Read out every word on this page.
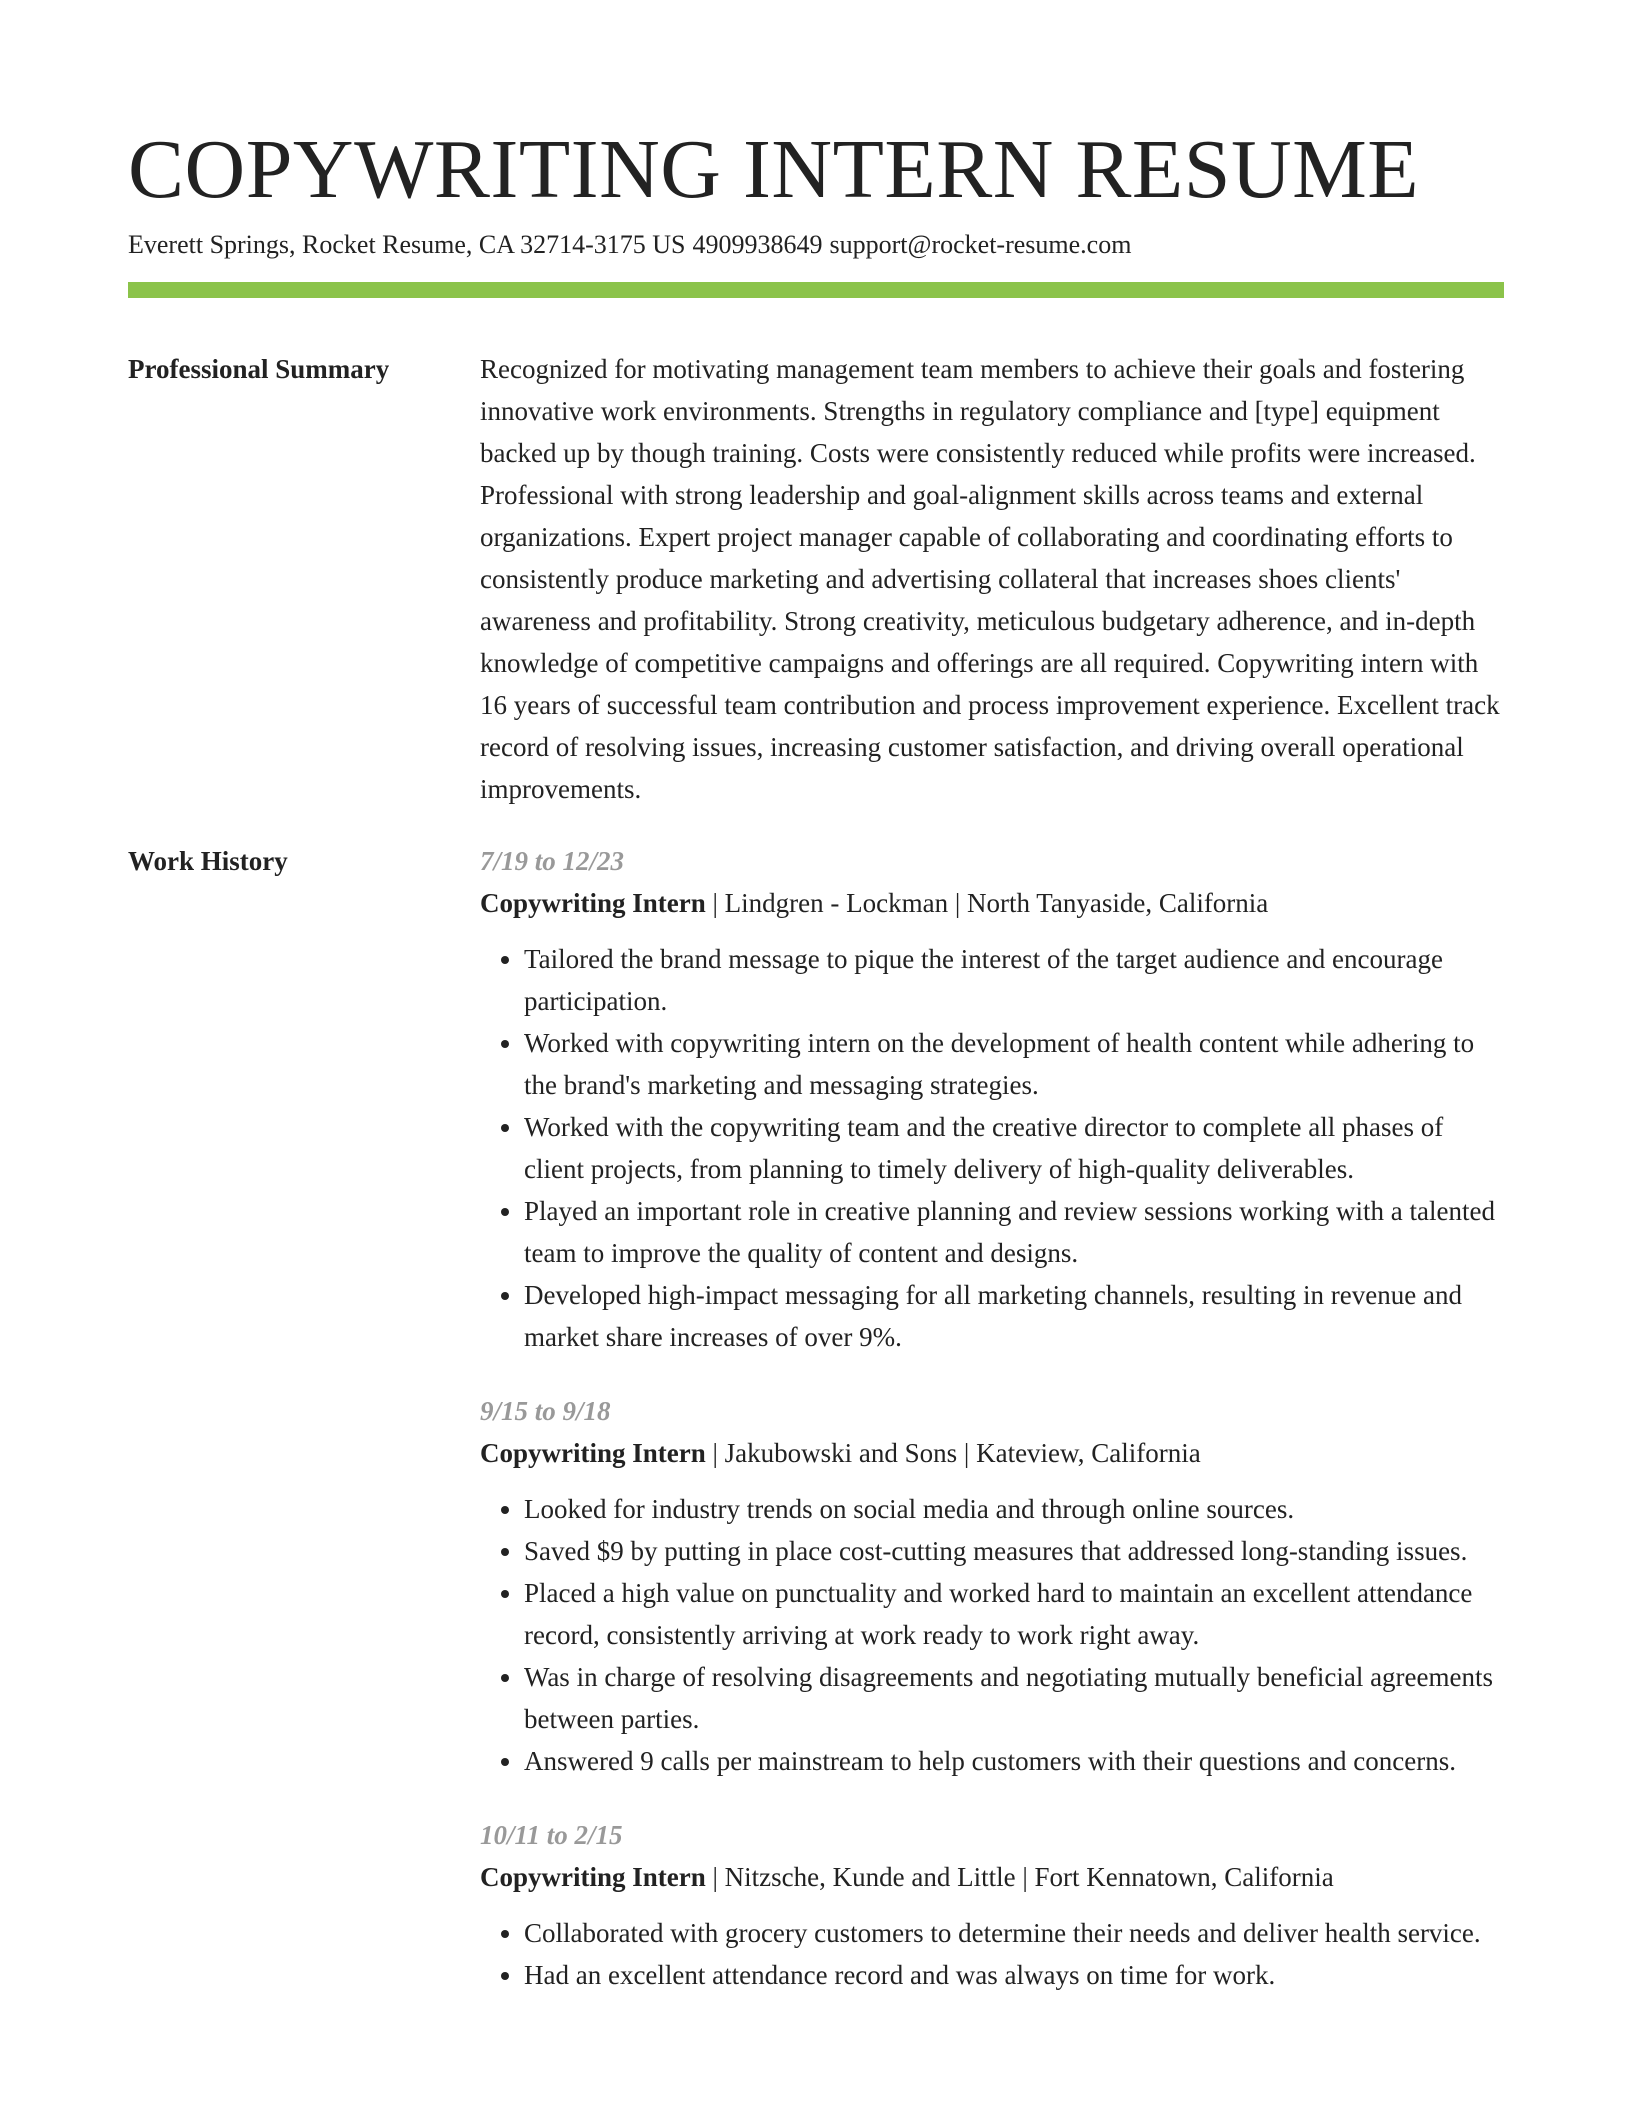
COPYWRITING INTERN RESUME
Everett Springs, Rocket Resume, CA 32714-3175 US 4909938649 support@rocket-resume.com
Professional Summary	Recognized for motivating management team members to achieve their goals and fostering innovative work environments. Strengths in regulatory compliance and [type] equipment backed up by though training. Costs were consistently reduced while profits were increased. Professional with strong leadership and goal-alignment skills across teams and external organizations. Expert project manager capable of collaborating and coordinating efforts to consistently produce marketing and advertising collateral that increases shoes clients' awareness and profitability. Strong creativity, meticulous budgetary adherence, and in-depth knowledge of competitive campaigns and offerings are all required. Copywriting intern with 16 years of successful team contribution and process improvement experience. Excellent track record of resolving issues, increasing customer satisfaction, and driving overall operational improvements.

Work History	7/19 to 12/23
Copywriting Intern | Lindgren - Lockman | North Tanyaside, California
• Tailored the brand message to pique the interest of the target audience and encourage participation.
• Worked with copywriting intern on the development of health content while adhering to the brand's marketing and messaging strategies.
• Worked with the copywriting team and the creative director to complete all phases of client projects, from planning to timely delivery of high-quality deliverables.
• Played an important role in creative planning and review sessions working with a talented team to improve the quality of content and designs.
• Developed high-impact messaging for all marketing channels, resulting in revenue and market share increases of over 9%.
9/15 to 9/18
Copywriting Intern | Jakubowski and Sons | Kateview, California
• Looked for industry trends on social media and through online sources.
• Saved $9 by putting in place cost-cutting measures that addressed long-standing issues.
• Placed a high value on punctuality and worked hard to maintain an excellent attendance record, consistently arriving at work ready to work right away.
• Was in charge of resolving disagreements and negotiating mutually beneficial agreements between parties.
• Answered 9 calls per mainstream to help customers with their questions and concerns.
10/11 to 2/15
Copywriting Intern | Nitzsche, Kunde and Little | Fort Kennatown, California
• Collaborated with grocery customers to determine their needs and deliver health service.
• Had an excellent attendance record and was always on time for work.
